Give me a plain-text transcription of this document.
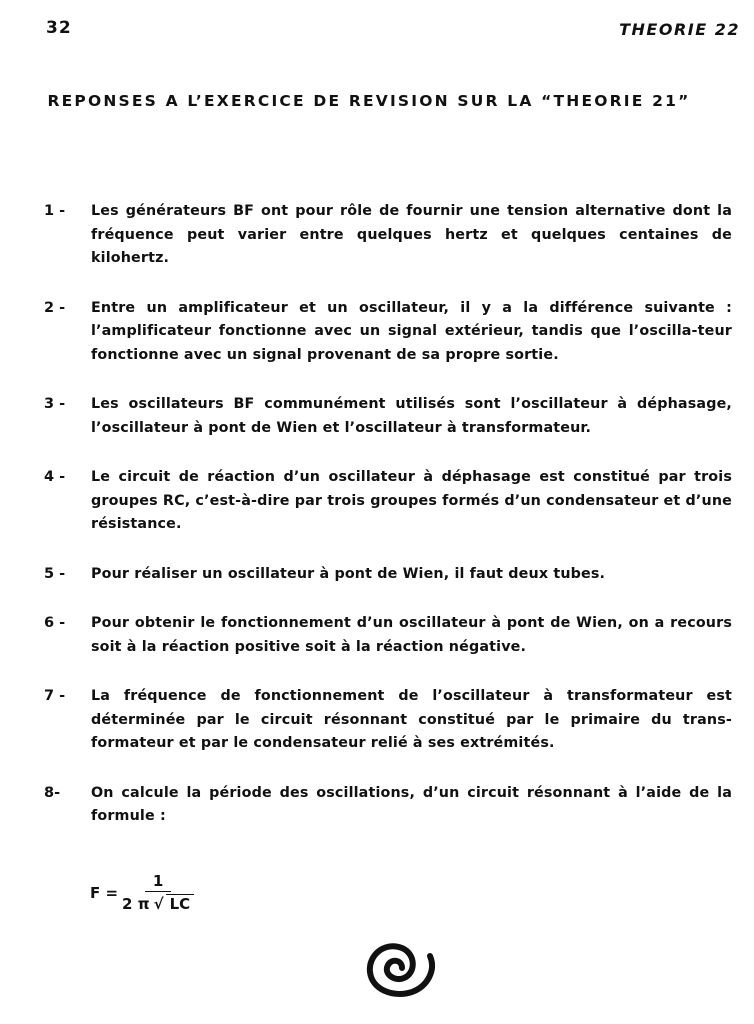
32	THEORIE 22
REPONSES A L’EXERCICE DE REVISION SUR LA “THEORIE 21”
1 - Les générateurs BF ont pour rôle de fournir une tension alternative dont la fréquence peut varier entre quelques hertz et quelques centaines de kilohertz.
2 - Entre un amplificateur et un oscillateur, il y a la différence suivante : l’amplificateur fonctionne avec un signal extérieur, tandis que l’oscilla-teur fonctionne avec un signal provenant de sa propre sortie.
3 - Les oscillateurs BF communément utilisés sont l’oscillateur à déphasage, l’oscillateur à pont de Wien et l’oscillateur à transformateur.
4 - Le circuit de réaction d’un oscillateur à déphasage est constitué par trois groupes RC, c’est-à-dire par trois groupes formés d’un condensateur et d’une résistance.
5 - Pour réaliser un oscillateur à pont de Wien, il faut deux tubes.
6 - Pour obtenir le fonctionnement d’un oscillateur à pont de Wien, on a recours soit à la réaction positive soit à la réaction négative.
7 - La fréquence de fonctionnement de l’oscillateur à transformateur est déterminée par le circuit résonnant constitué par le primaire du trans-formateur et par le condensateur relié à ses extrémités.
8- On calcule la période des oscillations, d’un circuit résonnant à l’aide de la formule :
$F = \frac{1}{2 \pi √ LC}$
